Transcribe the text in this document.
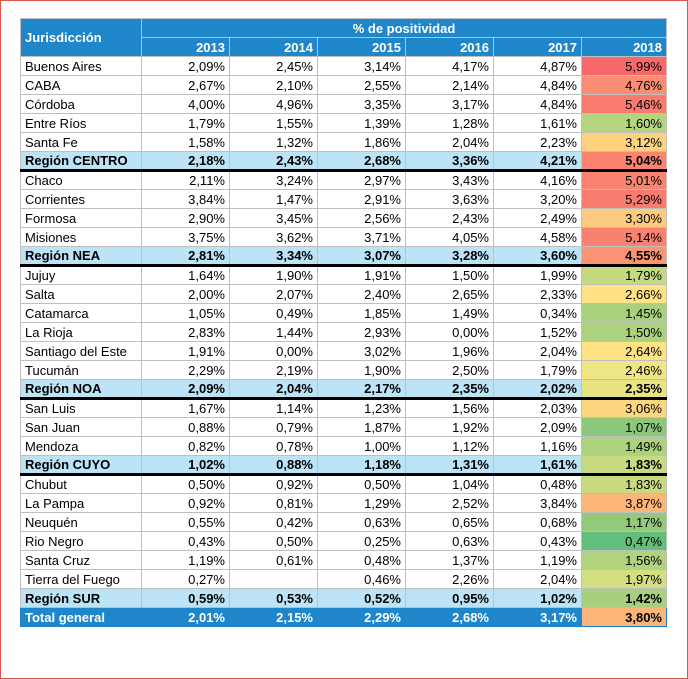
Jurisdicción	% de positividad					
	2013	2014	2015	2016	2017	2018
Buenos Aires	2,09%	2,45%	3,14%	4,17%	4,87%	5,99%
CABA	2,67%	2,10%	2,55%	2,14%	4,84%	4,76%
Córdoba	4,00%	4,96%	3,35%	3,17%	4,84%	5,46%
Entre Ríos	1,79%	1,55%	1,39%	1,28%	1,61%	1,60%
Santa Fe	1,58%	1,32%	1,86%	2,04%	2,23%	3,12%
Región CENTRO	2,18%	2,43%	2,68%	3,36%	4,21%	5,04%
Chaco	2,11%	3,24%	2,97%	3,43%	4,16%	5,01%
Corrientes	3,84%	1,47%	2,91%	3,63%	3,20%	5,29%
Formosa	2,90%	3,45%	2,56%	2,43%	2,49%	3,30%
Misiones	3,75%	3,62%	3,71%	4,05%	4,58%	5,14%
Región NEA	2,81%	3,34%	3,07%	3,28%	3,60%	4,55%
Jujuy	1,64%	1,90%	1,91%	1,50%	1,99%	1,79%
Salta	2,00%	2,07%	2,40%	2,65%	2,33%	2,66%
Catamarca	1,05%	0,49%	1,85%	1,49%	0,34%	1,45%
La Rioja	2,83%	1,44%	2,93%	0,00%	1,52%	1,50%
Santiago del Este	1,91%	0,00%	3,02%	1,96%	2,04%	2,64%
Tucumán	2,29%	2,19%	1,90%	2,50%	1,79%	2,46%
Región NOA	2,09%	2,04%	2,17%	2,35%	2,02%	2,35%
San Luis	1,67%	1,14%	1,23%	1,56%	2,03%	3,06%
San Juan	0,88%	0,79%	1,87%	1,92%	2,09%	1,07%
Mendoza	0,82%	0,78%	1,00%	1,12%	1,16%	1,49%
Región CUYO	1,02%	0,88%	1,18%	1,31%	1,61%	1,83%
Chubut	0,50%	0,92%	0,50%	1,04%	0,48%	1,83%
La Pampa	0,92%	0,81%	1,29%	2,52%	3,84%	3,87%
Neuquén	0,55%	0,42%	0,63%	0,65%	0,68%	1,17%
Rio Negro	0,43%	0,50%	0,25%	0,63%	0,43%	0,47%
Santa Cruz	1,19%	0,61%	0,48%	1,37%	1,19%	1,56%
Tierra del Fuego	0,27%		0,46%	2,26%	2,04%	1,97%
Región SUR	0,59%	0,53%	0,52%	0,95%	1,02%	1,42%
Total general	2,01%	2,15%	2,29%	2,68%	3,17%	3,80%
